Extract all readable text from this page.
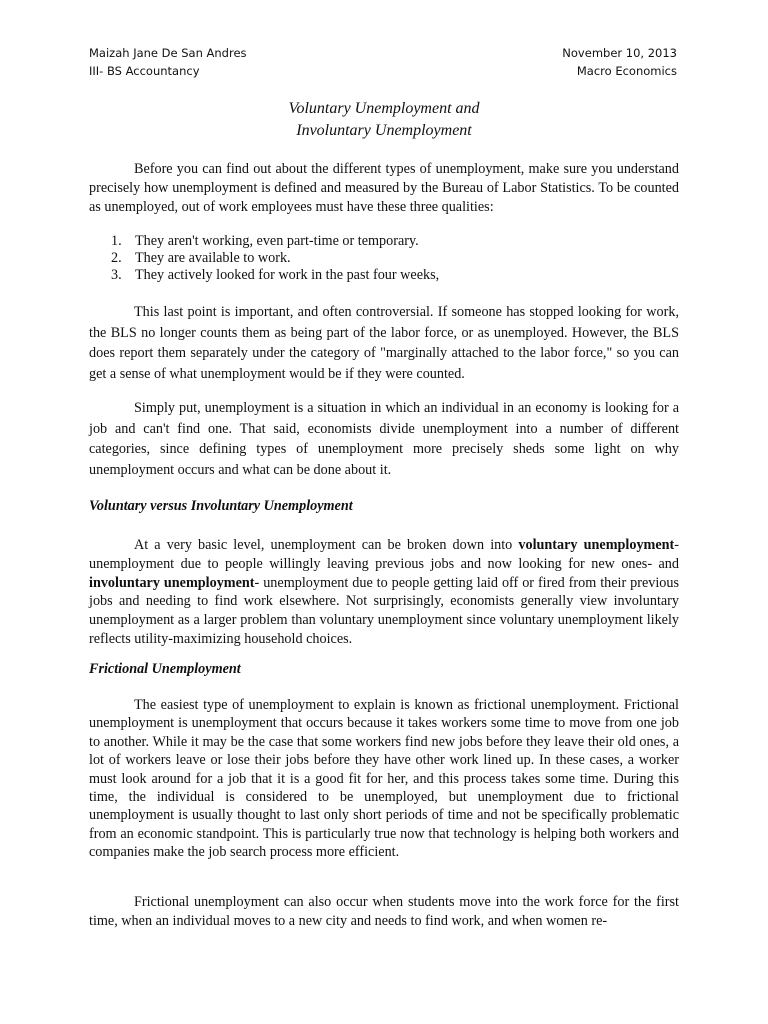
Maizah Jane De San Andres
III- BS Accountancy
November 10, 2013
Macro Economics
Voluntary Unemployment and
Involuntary Unemployment

Before you can find out about the different types of unemployment, make sure you understand precisely how unemployment is defined and measured by the Bureau of Labor Statistics. To be counted as unemployed, out of work employees must have these three qualities:

1. They aren't working, even part-time or temporary.
2. They are available to work.
3. They actively looked for work in the past four weeks,

This last point is important, and often controversial. If someone has stopped looking for work, the BLS no longer counts them as being part of the labor force, or as unemployed. However, the BLS does report them separately under the category of "marginally attached to the labor force," so you can get a sense of what unemployment would be if they were counted.

Simply put, unemployment is a situation in which an individual in an economy is looking for a job and can't find one. That said, economists divide unemployment into a number of different categories, since defining types of unemployment more precisely sheds some light on why unemployment occurs and what can be done about it.

Voluntary versus Involuntary Unemployment

At a very basic level, unemployment can be broken down into voluntary unemployment- unemployment due to people willingly leaving previous jobs and now looking for new ones- and involuntary unemployment- unemployment due to people getting laid off or fired from their previous jobs and needing to find work elsewhere. Not surprisingly, economists generally view involuntary unemployment as a larger problem than voluntary unemployment since voluntary unemployment likely reflects utility-maximizing household choices.

Frictional Unemployment

The easiest type of unemployment to explain is known as frictional unemployment. Frictional unemployment is unemployment that occurs because it takes workers some time to move from one job to another. While it may be the case that some workers find new jobs before they leave their old ones, a lot of workers leave or lose their jobs before they have other work lined up. In these cases, a worker must look around for a job that it is a good fit for her, and this process takes some time. During this time, the individual is considered to be unemployed, but unemployment due to frictional unemployment is usually thought to last only short periods of time and not be specifically problematic from an economic standpoint. This is particularly true now that technology is helping both workers and companies make the job search process more efficient.

Frictional unemployment can also occur when students move into the work force for the first time, when an individual moves to a new city and needs to find work, and when women re-
